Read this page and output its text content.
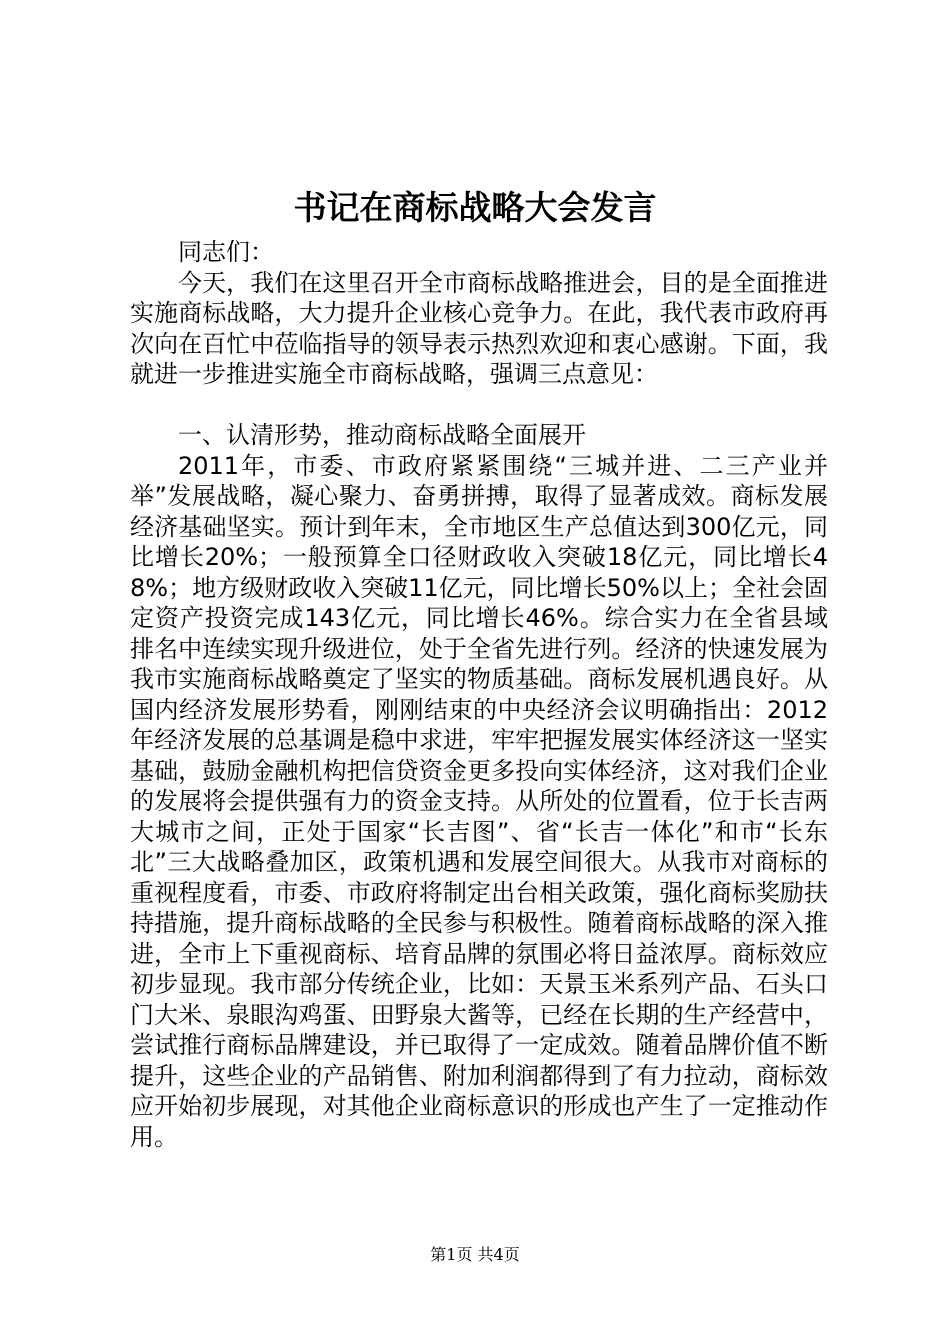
书记在商标战略大会发言

同志们：

今天，我们在这里召开全市商标战略推进会，目的是全面推进实施商标战略，大力提升企业核心竞争力。在此，我代表市政府再次向在百忙中莅临指导的领导表示热烈欢迎和衷心感谢。下面，我就进一步推进实施全市商标战略，强调三点意见：

一、认清形势，推动商标战略全面展开

2011年，市委、市政府紧紧围绕“三城并进、二三产业并举”发展战略，凝心聚力、奋勇拼搏，取得了显著成效。商标发展经济基础坚实。预计到年末，全市地区生产总值达到300亿元，同比增长20%；一般预算全口径财政收入突破18亿元，同比增长48%；地方级财政收入突破11亿元，同比增长50%以上；全社会固定资产投资完成143亿元，同比增长46%。综合实力在全省县域排名中连续实现升级进位，处于全省先进行列。经济的快速发展为我市实施商标战略奠定了坚实的物质基础。商标发展机遇良好。从国内经济发展形势看，刚刚结束的中央经济会议明确指出：2012年经济发展的总基调是稳中求进，牢牢把握发展实体经济这一坚实基础，鼓励金融机构把信贷资金更多投向实体经济，这对我们企业的发展将会提供强有力的资金支持。从所处的位置看，位于长吉两大城市之间，正处于国家“长吉图”、省“长吉一体化”和市“长东北”三大战略叠加区，政策机遇和发展空间很大。从我市对商标的重视程度看，市委、市政府将制定出台相关政策，强化商标奖励扶持措施，提升商标战略的全民参与积极性。随着商标战略的深入推进，全市上下重视商标、培育品牌的氛围必将日益浓厚。商标效应初步显现。我市部分传统企业，比如：天景玉米系列产品、石头口门大米、泉眼沟鸡蛋、田野泉大酱等，已经在长期的生产经营中，尝试推行商标品牌建设，并已取得了一定成效。随着品牌价值不断提升，这些企业的产品销售、附加利润都得到了有力拉动，商标效应开始初步展现，对其他企业商标意识的形成也产生了一定推动作用。

第1页 共4页
